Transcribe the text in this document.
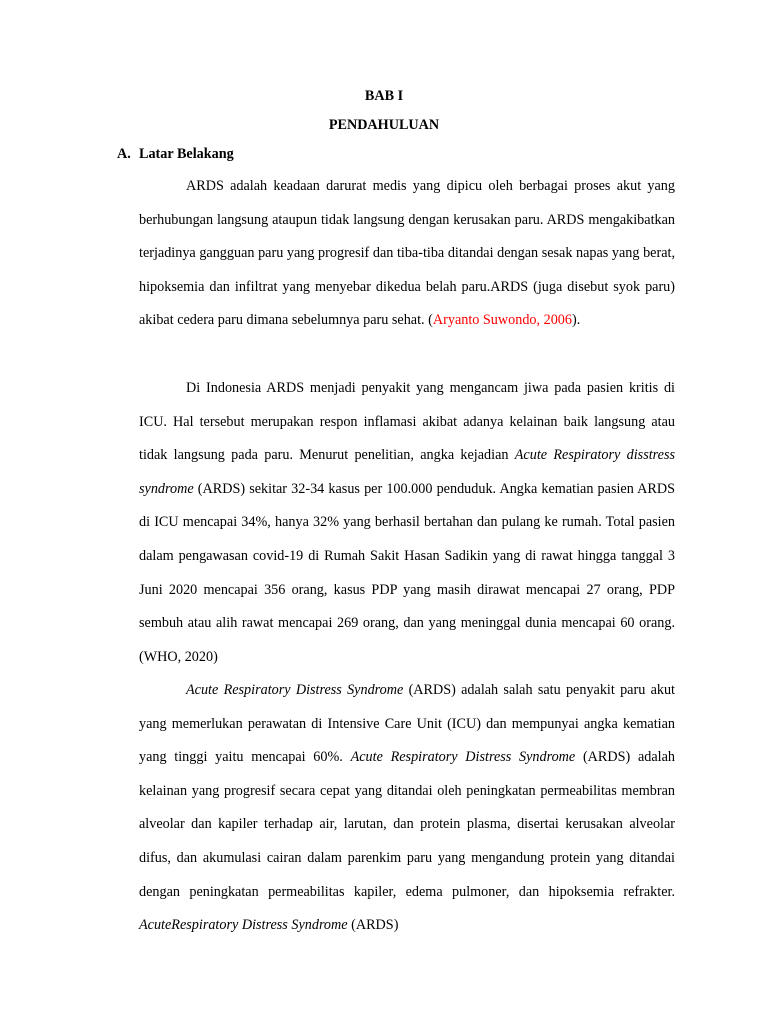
BAB I
PENDAHULUAN
A. Latar Belakang

ARDS adalah keadaan darurat medis yang dipicu oleh berbagai proses akut yang berhubungan langsung ataupun tidak langsung dengan kerusakan paru. ARDS mengakibatkan terjadinya gangguan paru yang progresif dan tiba-tiba ditandai dengan sesak napas yang berat, hipoksemia dan infiltrat yang menyebar dikedua belah paru.ARDS (juga disebut syok paru) akibat cedera paru dimana sebelumnya paru sehat. (Aryanto Suwondo, 2006).

Di Indonesia ARDS menjadi penyakit yang mengancam jiwa pada pasien kritis di ICU. Hal tersebut merupakan respon inflamasi akibat adanya kelainan baik langsung atau tidak langsung pada paru. Menurut penelitian, angka kejadian Acute Respiratory disstress syndrome (ARDS) sekitar 32-34 kasus per 100.000 penduduk. Angka kematian pasien ARDS di ICU mencapai 34%, hanya 32% yang berhasil bertahan dan pulang ke rumah. Total pasien dalam pengawasan covid-19 di Rumah Sakit Hasan Sadikin yang di rawat hingga tanggal 3 Juni 2020 mencapai 356 orang, kasus PDP yang masih dirawat mencapai 27 orang, PDP sembuh atau alih rawat mencapai 269 orang, dan yang meninggal dunia mencapai 60 orang. (WHO, 2020)

Acute Respiratory Distress Syndrome (ARDS) adalah salah satu penyakit paru akut yang memerlukan perawatan di Intensive Care Unit (ICU) dan mempunyai angka kematian yang tinggi yaitu mencapai 60%. Acute Respiratory Distress Syndrome (ARDS) adalah kelainan yang progresif secara cepat yang ditandai oleh peningkatan permeabilitas membran alveolar dan kapiler terhadap air, larutan, dan protein plasma, disertai kerusakan alveolar difus, dan akumulasi cairan dalam parenkim paru yang mengandung protein yang ditandai dengan peningkatan permeabilitas kapiler, edema pulmoner, dan hipoksemia refrakter. AcuteRespiratory Distress Syndrome (ARDS)
